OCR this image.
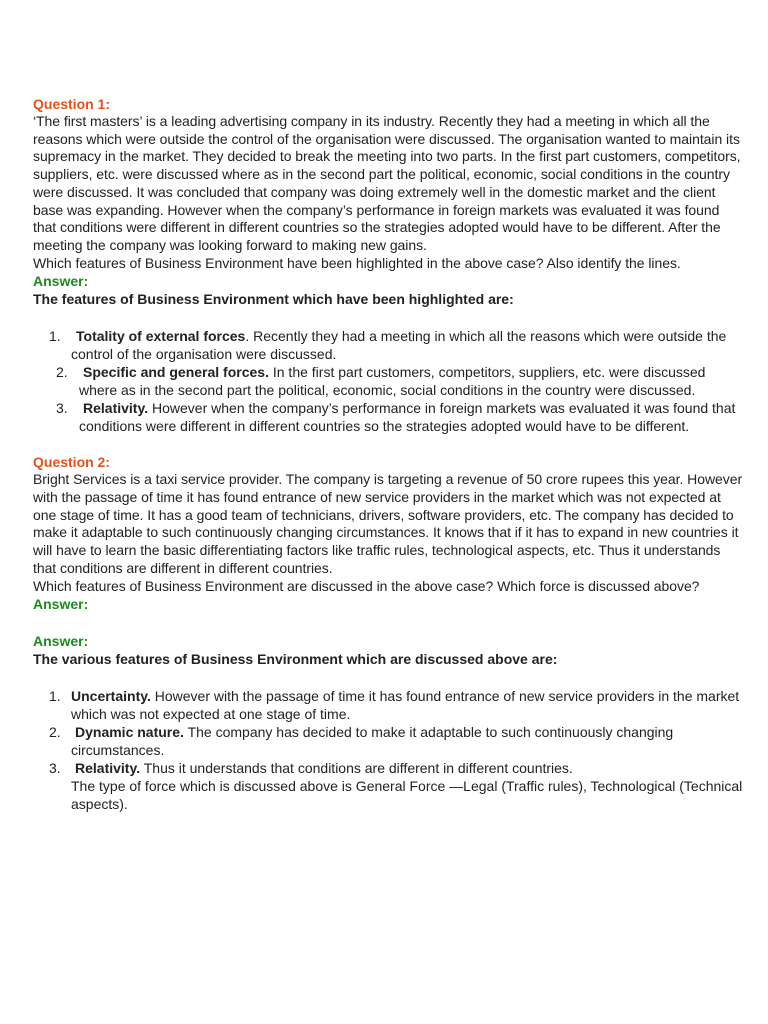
Question 1:

‘The first masters’ is a leading advertising company in its industry. Recently they had a meeting in which all the reasons which were outside the control of the organisation were discussed. The organisation wanted to maintain its supremacy in the market. They decided to break the meeting into two parts. In the first part customers, competitors, suppliers, etc. were discussed where as in the second part the political, economic, social conditions in the country were discussed. It was concluded that company was doing extremely well in the domestic market and the client base was expanding. However when the company’s performance in foreign markets was evaluated it was found that conditions were different in different countries so the strategies adopted would have to be different. After the meeting the company was looking forward to making new gains.

Which features of Business Environment have been highlighted in the above case? Also identify the lines.

Answer:

The features of Business Environment which have been highlighted are:

1. Totality of external forces. Recently they had a meeting in which all the reasons which were outside the control of the organisation were discussed.
2. Specific and general forces. In the first part customers, competitors, suppliers, etc. were discussed where as in the second part the political, economic, social conditions in the country were discussed.
3. Relativity. However when the company’s performance in foreign markets was evaluated it was found that conditions were different in different countries so the strategies adopted would have to be different.

Question 2:

Bright Services is a taxi service provider. The company is targeting a revenue of 50 crore rupees this year. However with the passage of time it has found entrance of new service providers in the market which was not expected at one stage of time. It has a good team of technicians, drivers, software providers, etc. The company has decided to make it adaptable to such continuously changing circumstances. It knows that if it has to expand in new countries it will have to learn the basic differentiating factors like traffic rules, technological aspects, etc. Thus it understands that conditions are different in different countries.

Which features of Business Environment are discussed in the above case? Which force is discussed above?

Answer:

Answer:

The various features of Business Environment which are discussed above are:

1. Uncertainty. However with the passage of time it has found entrance of new service providers in the market which was not expected at one stage of time.
2. Dynamic nature. The company has decided to make it adaptable to such continuously changing circumstances.
3. Relativity. Thus it understands that conditions are different in different countries.
The type of force which is discussed above is General Force —Legal (Traffic rules), Technological (Technical aspects).
